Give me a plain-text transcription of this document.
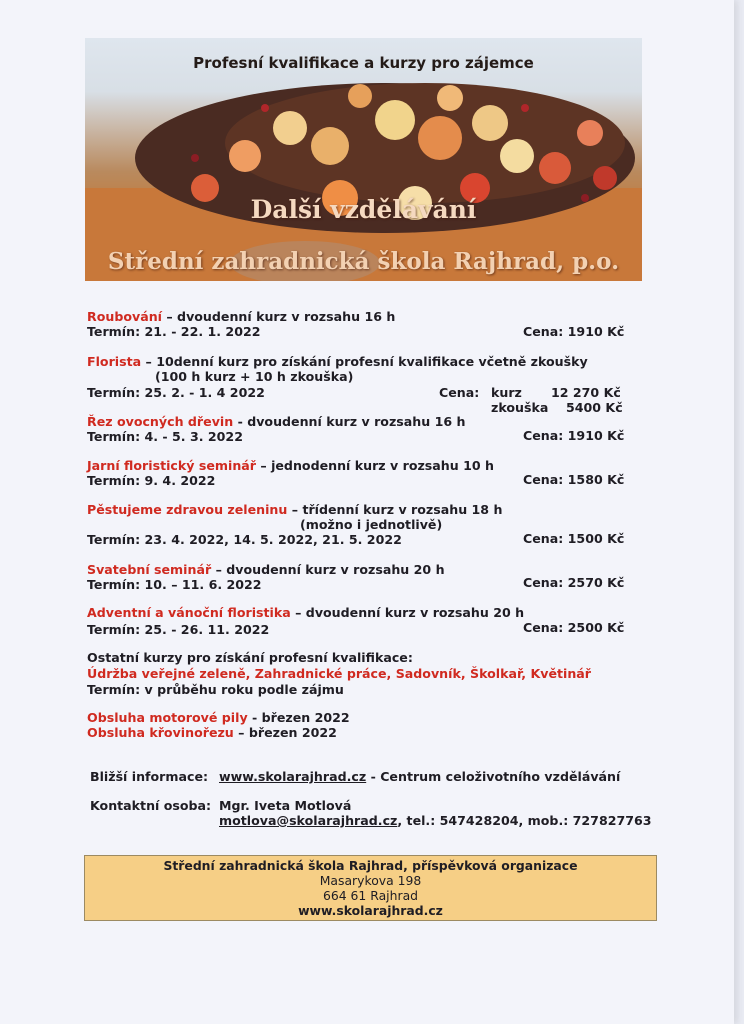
Profesní kvalifikace a kurzy pro zájemce
Další vzdělávání
Střední zahradnická škola Rajhrad, p.o.
Roubování – dvoudenní kurz v rozsahu 16 h
Termín: 21. - 22. 1. 2022	Cena: 1910 Kč
Florista – 10denní kurz pro získání profesní kvalifikace včetně zkoušky
(100 h kurz + 10 h zkouška)
Termín: 25. 2. - 1. 4 2022	Cena: kurz 12 270 Kč
zkouška 5400 Kč
Řez ovocných dřevin - dvoudenní kurz v rozsahu 16 h
Termín: 4. - 5. 3. 2022	Cena: 1910 Kč
Jarní floristický seminář – jednodenní kurz v rozsahu 10 h
Termín: 9. 4. 2022	Cena: 1580 Kč
Pěstujeme zdravou zeleninu – třídenní kurz v rozsahu 18 h
(možno i jednotlivě)
Termín: 23. 4. 2022, 14. 5. 2022, 21. 5. 2022	Cena: 1500 Kč
Svatební seminář – dvoudenní kurz v rozsahu 20 h
Termín: 10. – 11. 6. 2022	Cena: 2570 Kč
Adventní a vánoční floristika – dvoudenní kurz v rozsahu 20 h
Termín: 25. - 26. 11. 2022	Cena: 2500 Kč
Ostatní kurzy pro získání profesní kvalifikace:
Údržba veřejné zeleně, Zahradnické práce, Sadovník, Školkař, Květinář
Termín: v průběhu roku podle zájmu
Obsluha motorové pily - březen 2022
Obsluha křovinořezu – březen 2022
Bližší informace: www.skolarajhrad.cz - Centrum celoživotního vzdělávání
Kontaktní osoba: Mgr. Iveta Motlová
motlova@skolarajhrad.cz, tel.: 547428204, mob.: 727827763
Střední zahradnická škola Rajhrad, příspěvková organizace
Masarykova 198
664 61 Rajhrad
www.skolarajhrad.cz
